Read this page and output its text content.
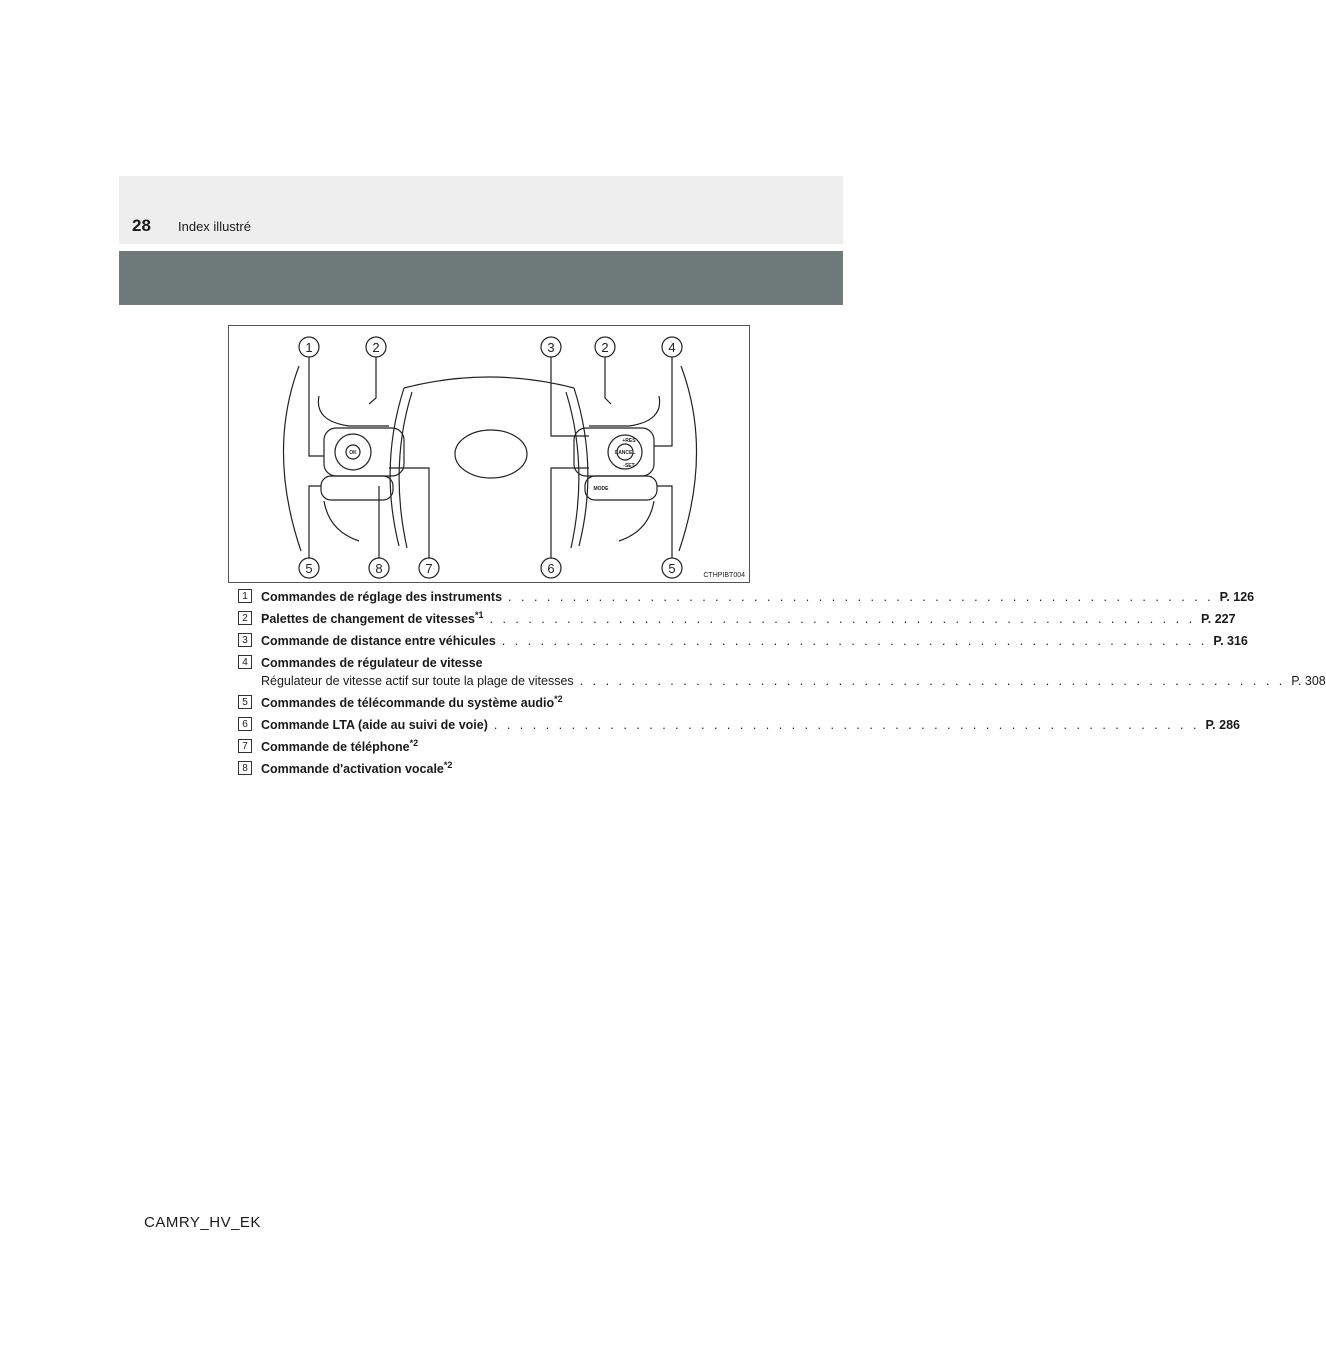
28 Index illustré
1	2	3	2	4
5	8	7	6	5
OK
+RES
CANCEL
-SET
MODE
CTHPIBT004
1	Commandes de réglage des instruments . . .	P. 126
2	Palettes de changement de vitesses$^{*1}$ . . .	P. 227
3	Commande de distance entre véhicules . . .	P. 316
4	Commandes de régulateur de vitesse
Régulateur de vitesse actif sur toute la plage de vitesses . . .	P. 308
5	Commandes de télécommande du système audio$^{*2}$
6	Commande LTA (aide au suivi de voie) . . .	P. 286
7	Commande de téléphone$^{*2}$
8	Commande d'activation vocale$^{*2}$
CAMRY_HV_EK
